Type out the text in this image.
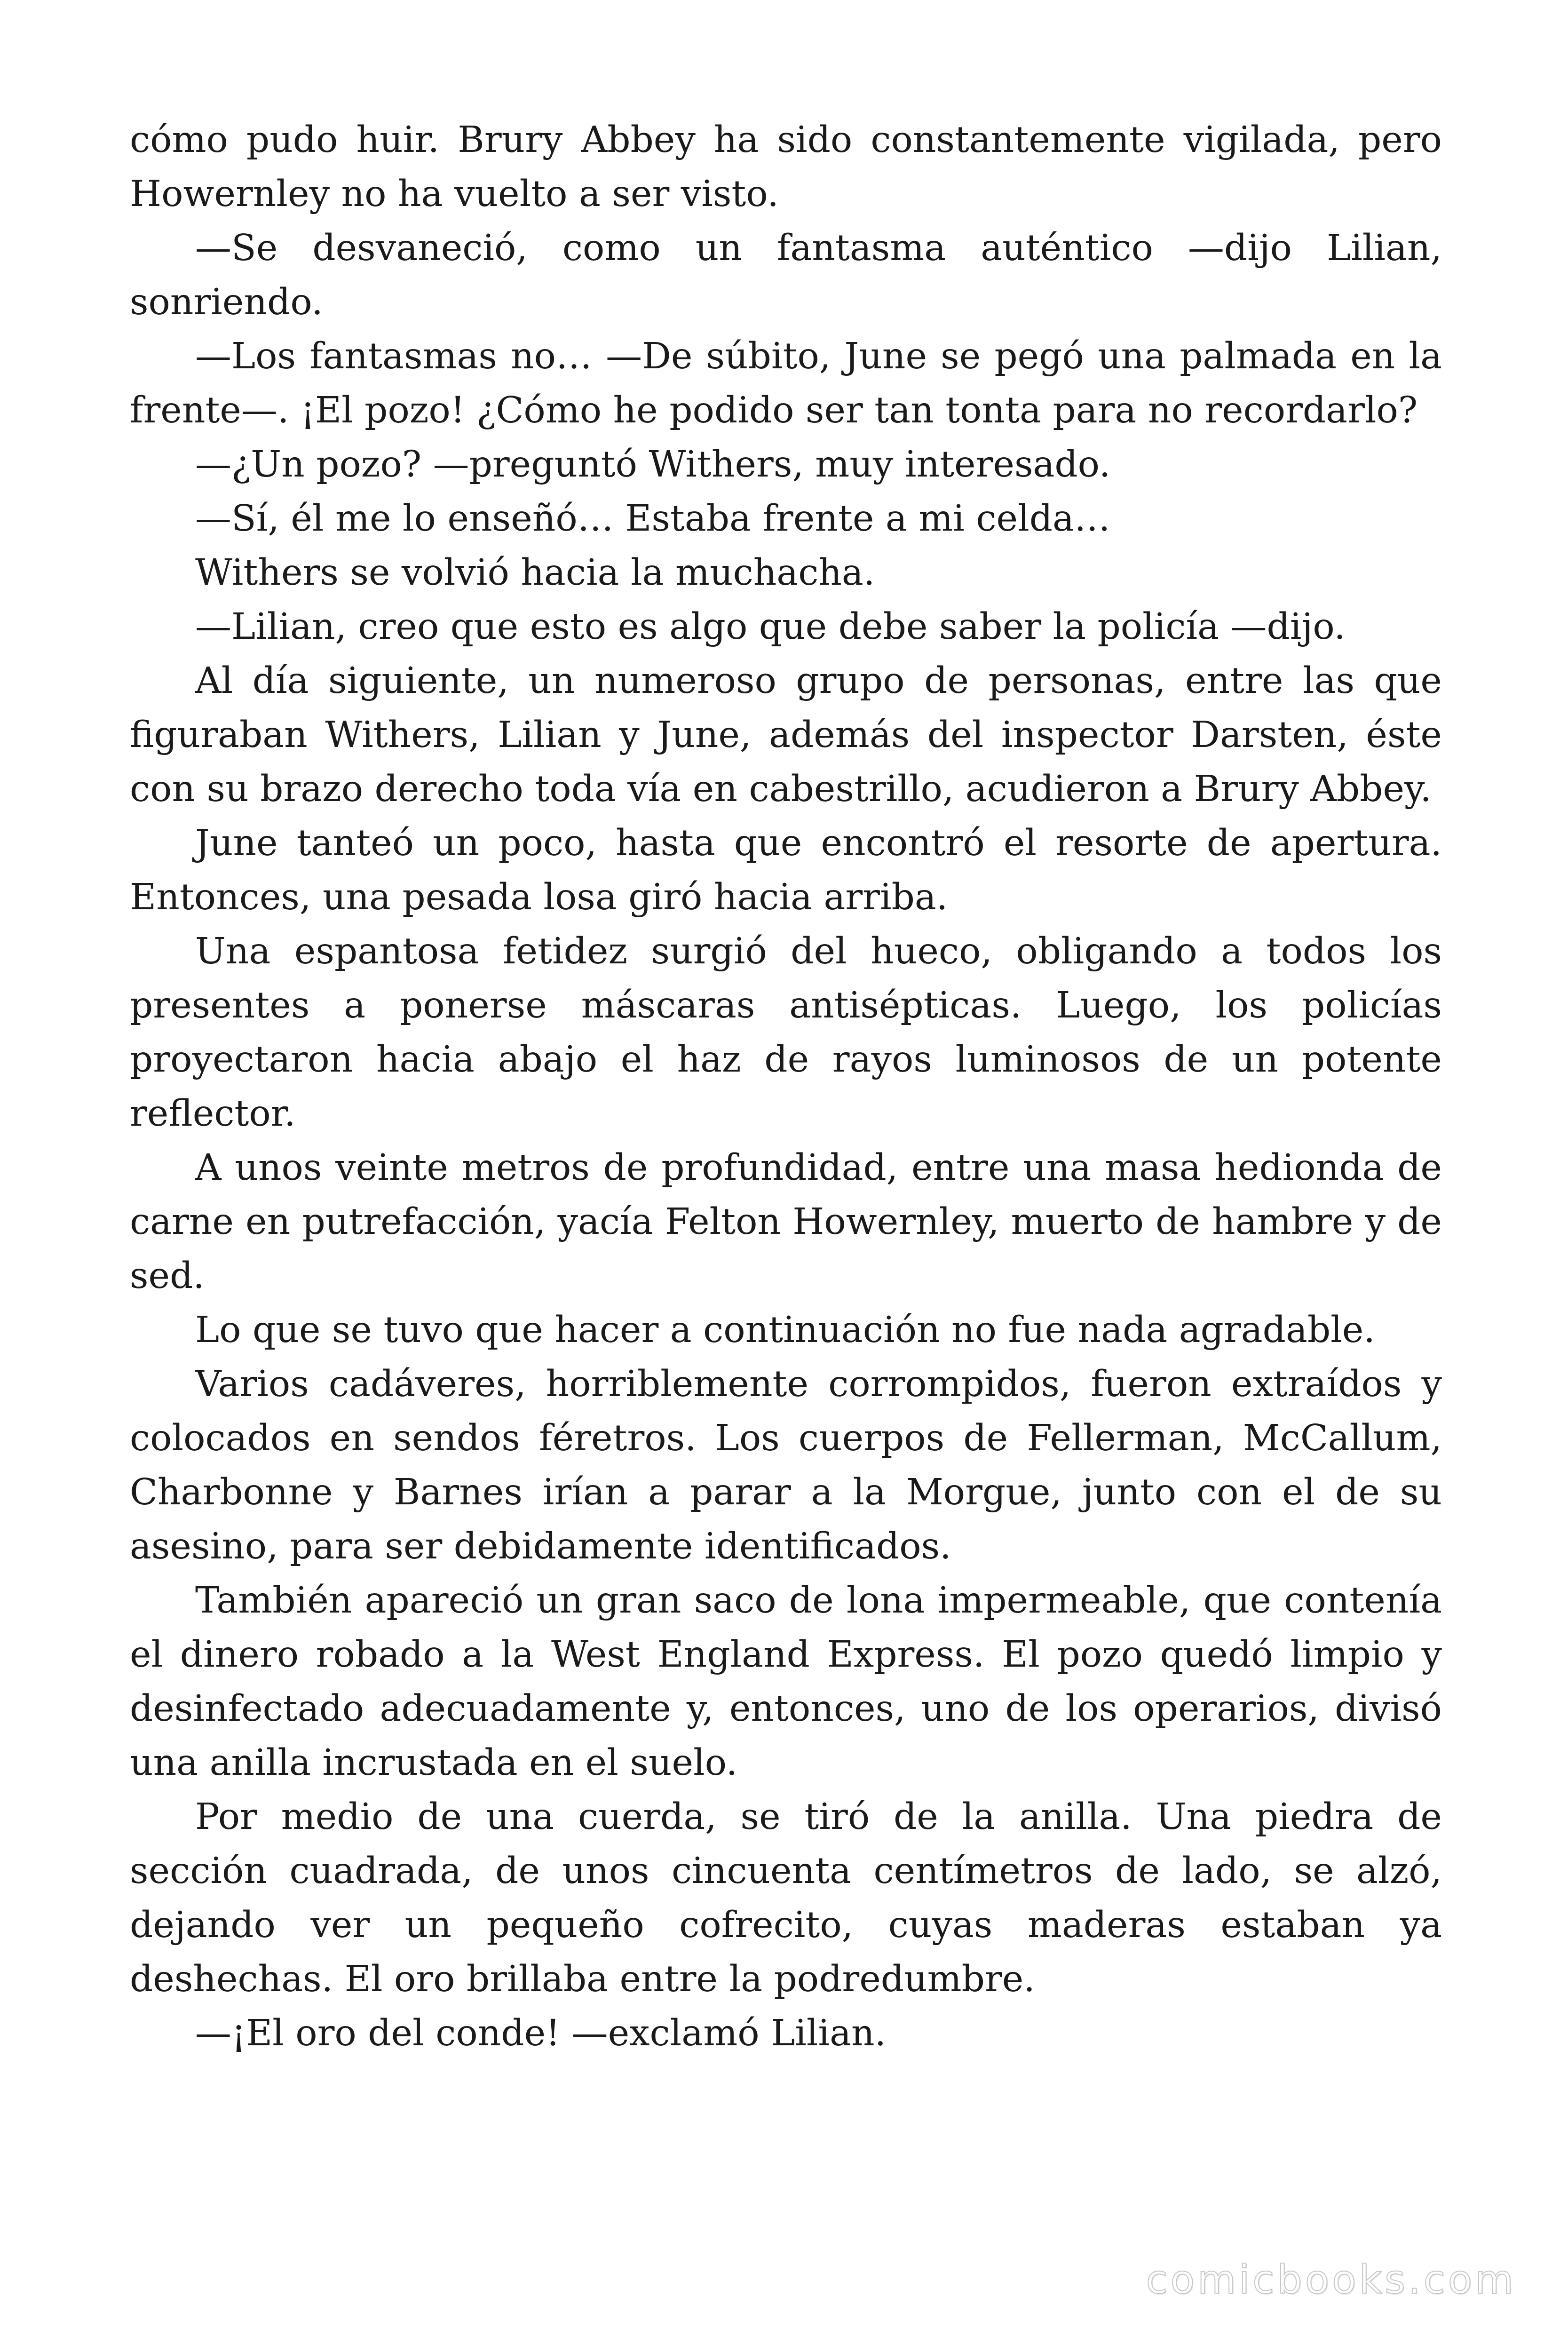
cómo pudo huir. Brury Abbey ha sido constantemente vigilada, pero Howernley no ha vuelto a ser visto.

—Se desvaneció, como un fantasma auténtico —dijo Lilian, sonriendo.

—Los fantasmas no… —De súbito, June se pegó una palmada en la frente—. ¡El pozo! ¿Cómo he podido ser tan tonta para no recordarlo?

—¿Un pozo? —preguntó Withers, muy interesado.

—Sí, él me lo enseñó… Estaba frente a mi celda…

Withers se volvió hacia la muchacha.

—Lilian, creo que esto es algo que debe saber la policía —dijo.

Al día siguiente, un numeroso grupo de personas, entre las que figuraban Withers, Lilian y June, además del inspector Darsten, éste con su brazo derecho toda vía en cabestrillo, acudieron a Brury Abbey.

June tanteó un poco, hasta que encontró el resorte de apertura. Entonces, una pesada losa giró hacia arriba.

Una espantosa fetidez surgió del hueco, obligando a todos los presentes a ponerse máscaras antisépticas. Luego, los policías proyectaron hacia abajo el haz de rayos luminosos de un potente reflector.

A unos veinte metros de profundidad, entre una masa hedionda de carne en putrefacción, yacía Felton Howernley, muerto de hambre y de sed.

Lo que se tuvo que hacer a continuación no fue nada agradable.

Varios cadáveres, horriblemente corrompidos, fueron extraídos y colocados en sendos féretros. Los cuerpos de Fellerman, McCallum, Charbonne y Barnes irían a parar a la Morgue, junto con el de su asesino, para ser debidamente identificados.

También apareció un gran saco de lona impermeable, que contenía el dinero robado a la West England Express. El pozo quedó limpio y desinfectado adecuadamente y, entonces, uno de los operarios, divisó una anilla incrustada en el suelo.

Por medio de una cuerda, se tiró de la anilla. Una piedra de sección cuadrada, de unos cincuenta centímetros de lado, se alzó, dejando ver un pequeño cofrecito, cuyas maderas estaban ya deshechas. El oro brillaba entre la podredumbre.

—¡El oro del conde! —exclamó Lilian.

comicbooks.com
